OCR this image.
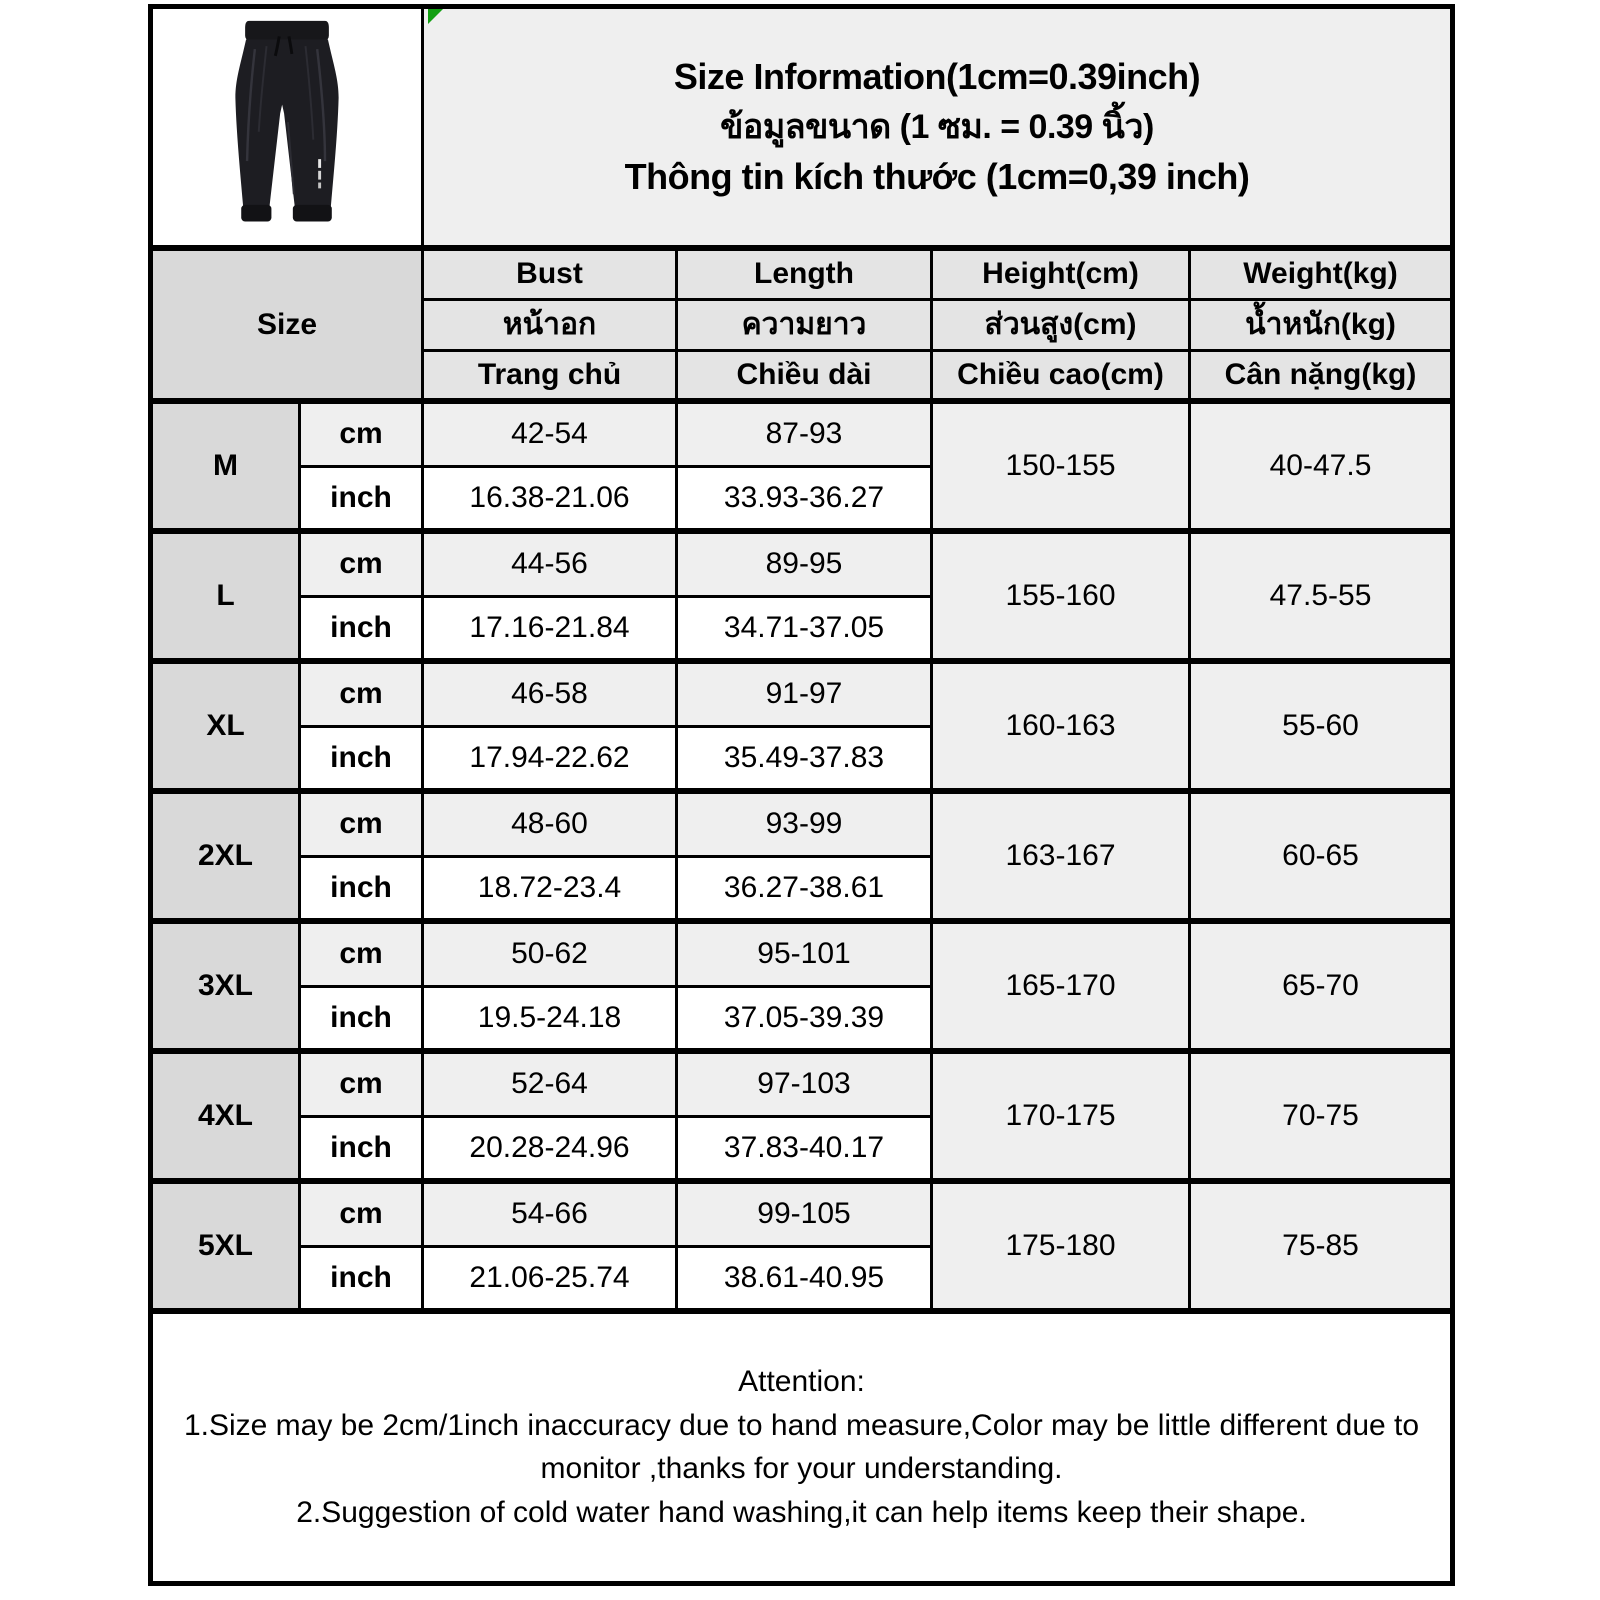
Size Information(1cm=0.39inch)
ข้อมูลขนาด (1 ซม. = 0.39 นิ้ว)
Thông tin kích thước (1cm=0,39 inch)			

Size		Bust	Length	Height(cm)	Weight(kg)
		หน้าอก	ความยาว	ส่วนสูง(cm)	น้ำหนัก(kg)
		Trang chủ	Chiều dài	Chiều cao(cm)	Cân nặng(kg)
M	cm	42-54	87-93	150-155	40-47.5
	inch	16.38-21.06	33.93-36.27		
L	cm	44-56	89-95	155-160	47.5-55
	inch	17.16-21.84	34.71-37.05		
XL	cm	46-58	91-97	160-163	55-60
	inch	17.94-22.62	35.49-37.83		
2XL	cm	48-60	93-99	163-167	60-65
	inch	18.72-23.4	36.27-38.61		
3XL	cm	50-62	95-101	165-170	65-70
	inch	19.5-24.18	37.05-39.39		
4XL	cm	52-64	97-103	170-175	70-75
	inch	20.28-24.96	37.83-40.17		
5XL	cm	54-66	99-105	175-180	75-85
	inch	21.06-25.74	38.61-40.95		

Attention:

1.Size may be 2cm/1inch inaccuracy due to hand measure,Color may be little different due to monitor ,thanks for your understanding.

2.Suggestion of cold water hand washing,it can help items keep their shape.					
